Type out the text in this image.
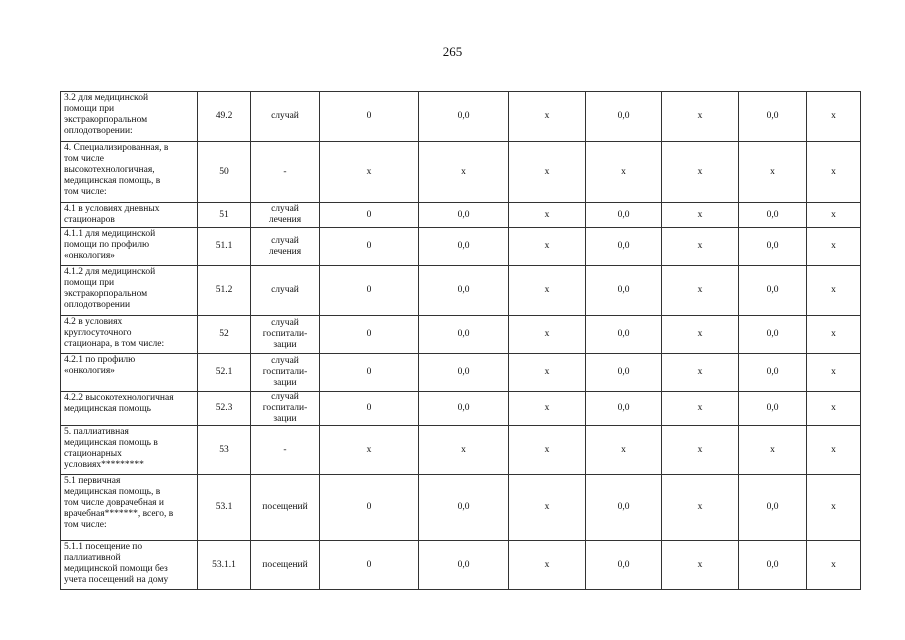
265
3.2 для медицинской
помощи при
экстракорпоральном
оплодотворении:	49.2	случай	0	0,0	x	0,0	x	0,0	x

4. Специализированная, в
том числе
высокотехнологичная,
медицинская помощь, в
том числе:	50	-	x	x	x	x	x	x	x

4.1 в условиях дневных
стационаров	51	случай
лечения	0	0,0	x	0,0	x	0,0	x

4.1.1 для медицинской
помощи по профилю
«онкология»	51.1	случай
лечения	0	0,0	x	0,0	x	0,0	x

4.1.2 для медицинской
помощи при
экстракорпоральном
оплодотворении	51.2	случай	0	0,0	x	0,0	x	0,0	x

4.2 в условиях
круглосуточного
стационара, в том числе:	52	случай
госпитали-
зации	0	0,0	x	0,0	x	0,0	x

4.2.1 по профилю
«онкология»	52.1	случай
госпитали-
зации	0	0,0	x	0,0	x	0,0	x

4.2.2 высокотехнологичная
медицинская помощь	52.3	случай
госпитали-
зации	0	0,0	x	0,0	x	0,0	x

5. паллиативная
медицинская помощь в
стационарных
условиях*********	53	-	x	x	x	x	x	x	x

5.1 первичная
медицинская помощь, в
том числе доврачебная и
врачебная*******, всего, в
том числе:	53.1	посещений	0	0,0	x	0,0	x	0,0	x

5.1.1 посещение по
паллиативной
медицинской помощи без
учета посещений на дому	53.1.1	посещений	0	0,0	x	0,0	x	0,0	x
